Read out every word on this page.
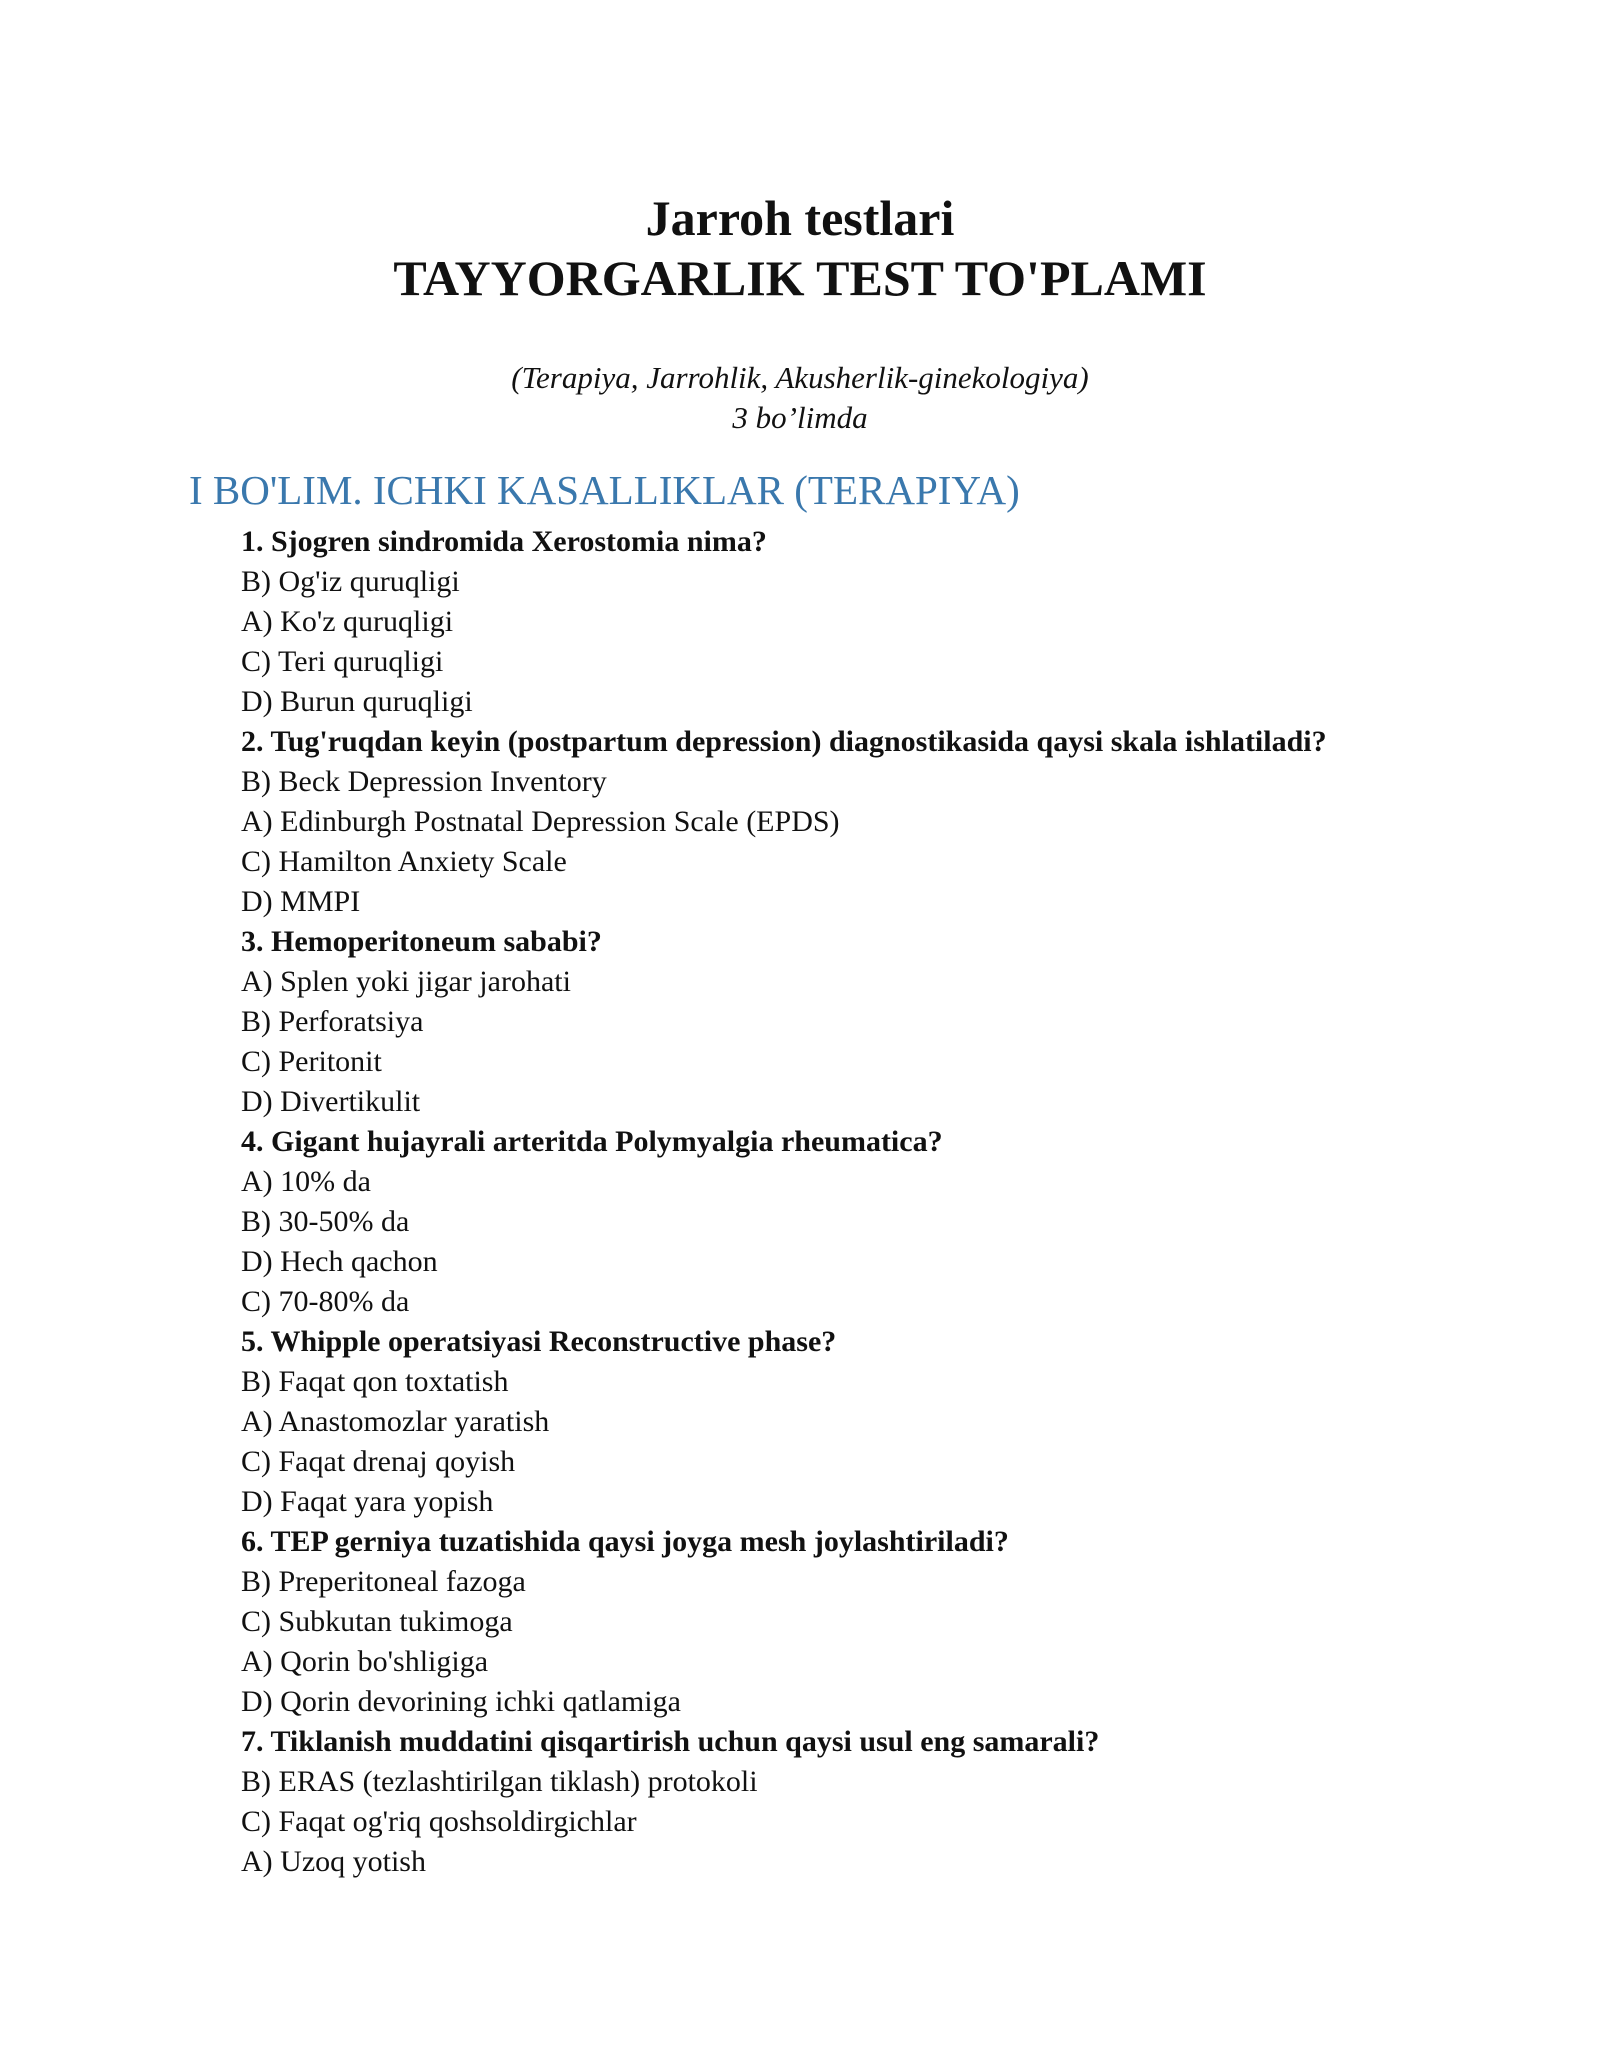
Jarroh testlari
TAYYORGARLIK TEST TO'PLAMI
(Terapiya, Jarrohlik, Akusherlik-ginekologiya)
3 bo’limda
I BO'LIM. ICHKI KASALLIKLAR (TERAPIYA)
1. Sjogren sindromida Xerostomia nima?
B) Og'iz quruqligi
A) Ko'z quruqligi
C) Teri quruqligi
D) Burun quruqligi
2. Tug'ruqdan keyin (postpartum depression) diagnostikasida qaysi skala ishlatiladi?
B) Beck Depression Inventory
A) Edinburgh Postnatal Depression Scale (EPDS)
C) Hamilton Anxiety Scale
D) MMPI
3. Hemoperitoneum sababi?
A) Splen yoki jigar jarohati
B) Perforatsiya
C) Peritonit
D) Divertikulit
4. Gigant hujayrali arteritda Polymyalgia rheumatica?
A) 10% da
B) 30-50% da
D) Hech qachon
C) 70-80% da
5. Whipple operatsiyasi Reconstructive phase?
B) Faqat qon toxtatish
A) Anastomozlar yaratish
C) Faqat drenaj qoyish
D) Faqat yara yopish
6. TEP gerniya tuzatishida qaysi joyga mesh joylashtiriladi?
B) Preperitoneal fazoga
C) Subkutan tukimoga
A) Qorin bo'shligiga
D) Qorin devorining ichki qatlamiga
7. Tiklanish muddatini qisqartirish uchun qaysi usul eng samarali?
B) ERAS (tezlashtirilgan tiklash) protokoli
C) Faqat og'riq qoshsoldirgichlar
A) Uzoq yotish
